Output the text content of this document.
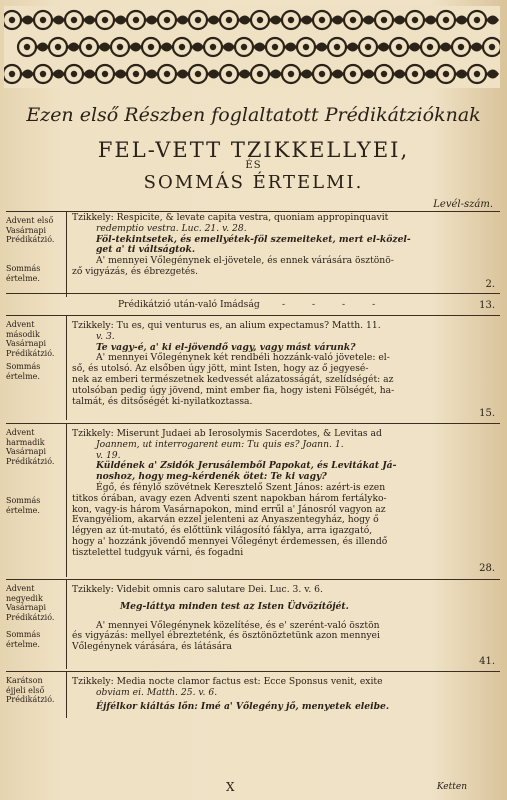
Ezen első Részben foglaltatott Prédikátzióknak
FEL-VETT TZIKKELLYEI,
ÉS
SOMMÁS ÉRTELMI.
Levél-szám.
Advent első Vasárnapi Prédikátzió.
Sommás értelme.
Tzikkely: Respicite, & levate capita vestra, quoniam appropinquavit
redemptio vestra. Luc. 21. v. 28.
Föl-tekintsetek, és emellyétek-föl szemeiteket, mert el-közel-
get a' ti váltságtok.
A' mennyei Vőlegénynek el-jövetele, és ennek várására ösztönö-
ző vigyázás, és ébrezgetés.
2.
Prédikátzió után-való Imádság	- - - -	13.
Advent második Vasárnapi Prédikátzió.
Sommás értelme.
Tzikkely: Tu es, qui venturus es, an alium expectamus? Matth. 11.
v. 3.
Te vagy-é, a' ki el-jövendő vagy, vagy mást várunk?
A' mennyei Vőlegénynek két rendbéli hozzánk-való jövetele: el-
ső, és utolsó. Az elsőben úgy jött, mint Isten, hogy az ő jegyesé-
nek az emberi természetnek kedvessét alázatosságát, szelídségét: az
utolsóban pedig úgy jövend, mint ember fia, hogy isteni Fölségét, ha-
talmát, és ditsőségét ki-nyilatkoztassa.
15.
Advent harmadik Vasárnapi Prédikátzió.
Sommás értelme.
Tzikkely: Miserunt Judaei ab Ierosolymis Sacerdotes, & Levitas ad
Joannem, ut interrogarent eum: Tu quis es? Joann. 1.
v. 19.
Küldének a' Zsidók Jerusálemből Papokat, és Levitákat Já-
noshoz, hogy meg-kérdenék ötet: Te ki vagy?
Égő, és fénylő szövétnek Keresztelő Szent János: azért-is ezen
titkos órában, avagy ezen Adventi szent napokban három fertályko-
kon, vagy-is három Vasárnapokon, mind errűl a' Jánosról vagyon az
Evangyéliom, akarván ezzel jelenteni az Anyaszentegyház, hogy ő
légyen az út-mutató, és előttünk világosító fáklya, arra igazgató,
hogy a' hozzánk jövendő mennyei Vőlegényt érdemessen, és illendő
tisztelettel tudgyuk várni, és fogadni
28.
Advent negyedik Vasárnapi Prédikátzió.
Sommás értelme.
Tzikkely: Videbit omnis caro salutare Dei. Luc. 3. v. 6.
Meg-láttya minden test az Isten Üdvözítőjét.
A' mennyei Vőlegénynek közelítése, és e' szerént-való ösztön
és vigyázás: mellyel ébrezteténk, és ösztönöztetünk azon mennyei
Vőlegénynek várására, és látására
41.
Karátson éjjeli első Prédikátzió.
Tzikkely: Media nocte clamor factus est: Ecce Sponsus venit, exite
obviam ei. Matth. 25. v. 6.
Éjfélkor kiáltás lőn: Imé a' Vőlegény jő, menyetek eleibe.
X	Ketten
